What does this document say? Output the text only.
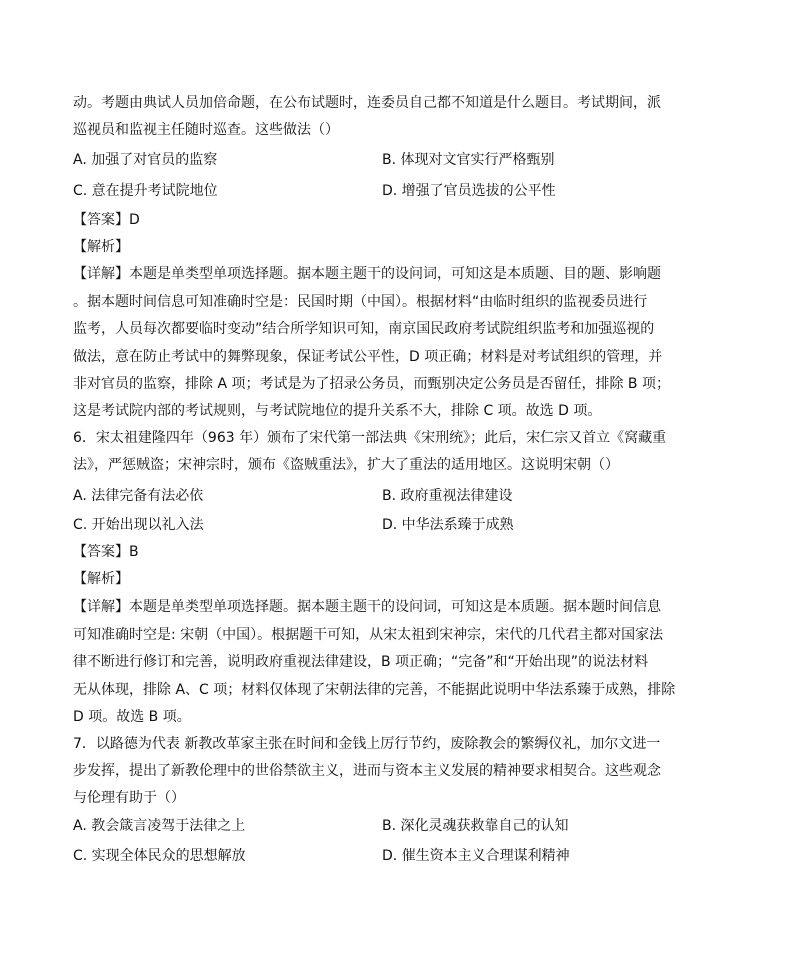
动。考题由典试人员加倍命题，在公布试题时，连委员自己都不知道是什么题目。考试期间，派
巡视员和监视主任随时巡查。这些做法（）
A. 加强了对官员的监察	B. 体现对文官实行严格甄别
C. 意在提升考试院地位	D. 增强了官员选拔的公平性
【答案】D
【解析】
【详解】本题是单类型单项选择题。据本题主题干的设问词，可知这是本质题、目的题、影响题
。据本题时间信息可知准确时空是：民国时期（中国）。根据材料“由临时组织的监视委员进行
监考，人员每次都要临时变动”结合所学知识可知，南京国民政府考试院组织监考和加强巡视的
做法，意在防止考试中的舞弊现象，保证考试公平性，D 项正确；材料是对考试组织的管理，并
非对官员的监察，排除 A 项；考试是为了招录公务员，而甄别决定公务员是否留任，排除 B 项；
这是考试院内部的考试规则，与考试院地位的提升关系不大，排除 C 项。故选 D 项。
6．宋太祖建隆四年（963 年）颁布了宋代第一部法典《宋刑统》；此后，宋仁宗又首立《窝藏重
法》，严惩贼盗；宋神宗时，颁布《盗贼重法》，扩大了重法的适用地区。这说明宋朝（）
A. 法律完备有法必依	B. 政府重视法律建设
C. 开始出现以礼入法	D. 中华法系臻于成熟
【答案】B
【解析】
【详解】本题是单类型单项选择题。据本题主题干的设问词，可知这是本质题。据本题时间信息
可知准确时空是: 宋朝（中国）。根据题干可知，从宋太祖到宋神宗，宋代的几代君主都对国家法
律不断进行修订和完善，说明政府重视法律建设，B 项正确；“完备”和“开始出现”的说法材料
无从体现，排除 A、C 项；材料仅体现了宋朝法律的完善，不能据此说明中华法系臻于成熟，排除
D 项。故选 B 项。
7．以路德为代表 新教改革家主张在时间和金钱上厉行节约，废除教会的繁缛仪礼，加尔文进一
步发挥，提出了新教伦理中的世俗禁欲主义，进而与资本主义发展的精神要求相契合。这些观念
与伦理有助于（）
A. 教会箴言凌驾于法律之上	B. 深化灵魂获救靠自己的认知
C. 实现全体民众的思想解放	D. 催生资本主义合理谋利精神
